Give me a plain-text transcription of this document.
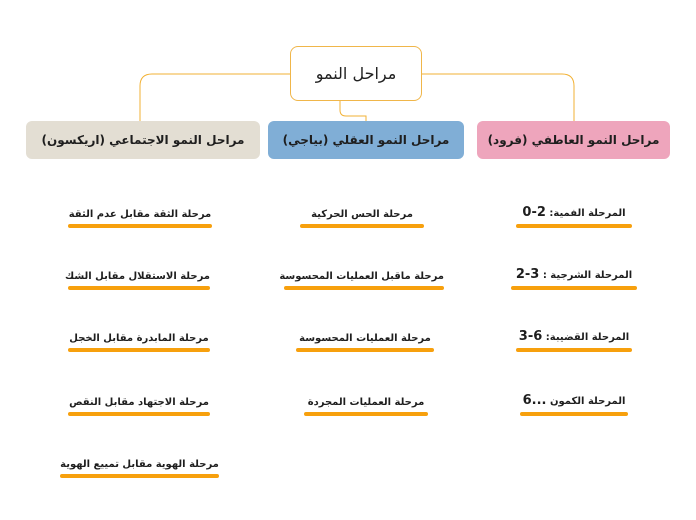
مراحل النمو
مراحل النمو الاجتماعي (اريكسون)	مراحل النمو العقلي (بياجي)	مراحل النمو العاطفي (فرود)
مرحلة الثقة مقابل عدم الثقة
مرحلة الاستقلال مقابل الشك
مرحلة المابدرة مقابل الخجل
مرحلة الاجتهاد مقابل النقص
مرحلة الهوية مقابل تمييع الهوية
مرحلة الحس الحركية
مرحلة ماقبل العمليات المحسوسة
مرحلة العمليات المحسوسة
مرحلة العمليات المجردة
المرحلة الفمية: 0-2
المرحلة الشرجية : 2-3
المرحلة القضيبة: 3-6
المرحلة الكمون 6...
